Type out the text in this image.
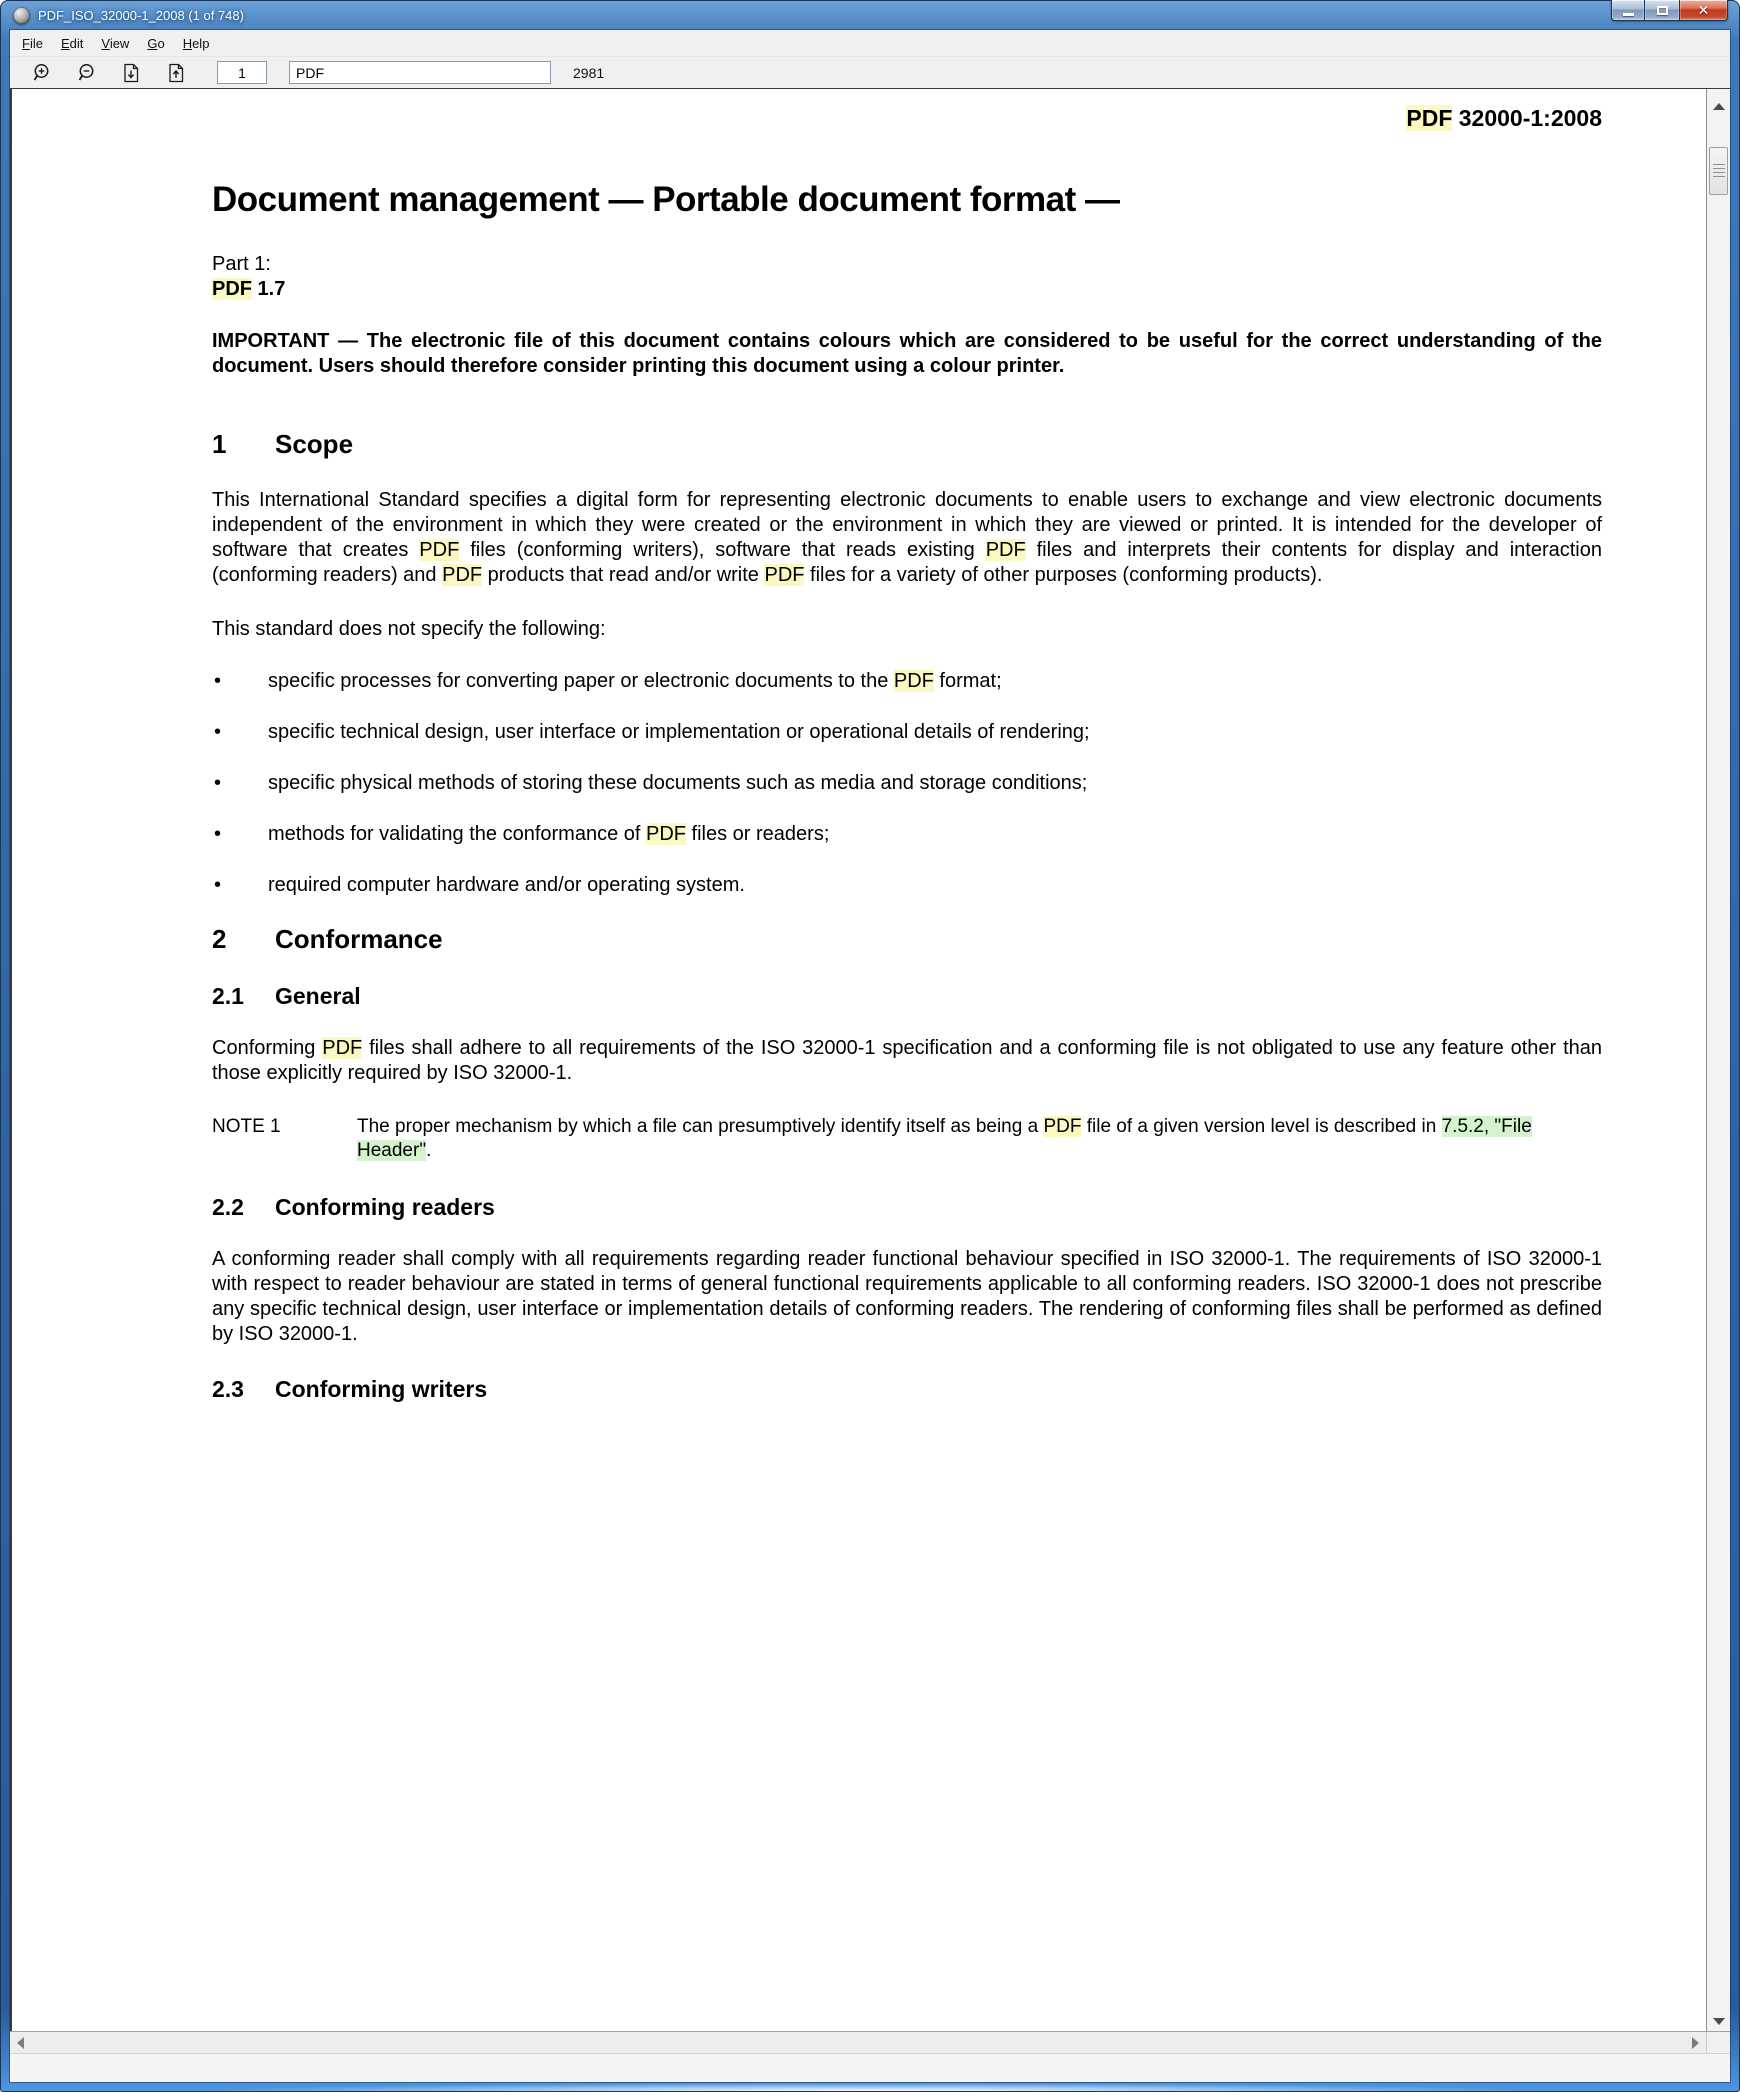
PDF_ISO_32000-1_2008 (1 of 748)	✕
File	Edit	View	Go	Help
1
PDF
2981
PDF 32000-1:2008
Document management — Portable document format —
Part 1:
PDF 1.7
IMPORTANT — The electronic file of this document contains colours which are considered to be useful for the correct understanding of the document. Users should therefore consider printing this document using a colour printer.
1	Scope
This International Standard specifies a digital form for representing electronic documents to enable users to exchange and view electronic documents independent of the environment in which they were created or the environment in which they are viewed or printed. It is intended for the developer of software that creates PDF files (conforming writers), software that reads existing PDF files and interprets their contents for display and interaction (conforming readers) and PDF products that read and/or write PDF files for a variety of other purposes (conforming products).
This standard does not specify the following:
• specific processes for converting paper or electronic documents to the PDF format;
• specific technical design, user interface or implementation or operational details of rendering;
• specific physical methods of storing these documents such as media and storage conditions;
• methods for validating the conformance of PDF files or readers;
• required computer hardware and/or operating system.
2	Conformance
2.1	General
Conforming PDF files shall adhere to all requirements of the ISO 32000-1 specification and a conforming file is not obligated to use any feature other than those explicitly required by ISO 32000-1.
NOTE 1	The proper mechanism by which a file can presumptively identify itself as being a PDF file of a given version level is described in 7.5.2, "File Header".
2.2	Conforming readers
A conforming reader shall comply with all requirements regarding reader functional behaviour specified in ISO 32000-1. The requirements of ISO 32000-1 with respect to reader behaviour are stated in terms of general functional requirements applicable to all conforming readers. ISO 32000-1 does not prescribe any specific technical design, user interface or implementation details of conforming readers. The rendering of conforming files shall be performed as defined by ISO 32000-1.
2.3	Conforming writers
